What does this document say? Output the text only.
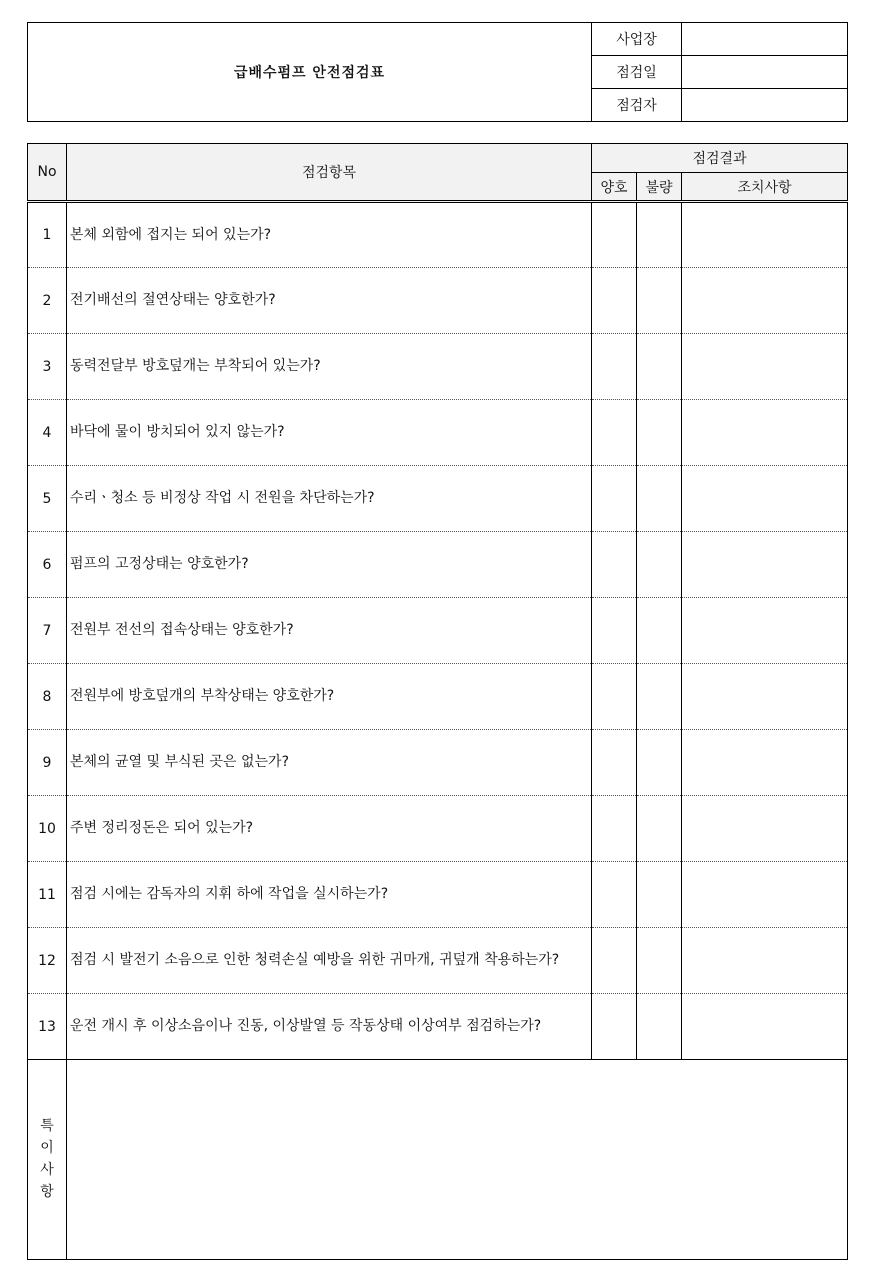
급배수펌프 안전점검표	사업장	
	점검일	
	점검자	
No	점검항목	점검결과		
		양호	불량	조치사항
1	본체 외함에 접지는 되어 있는가?			
2	전기배선의 절연상태는 양호한가?			
3	동력전달부 방호덮개는 부착되어 있는가?			
4	바닥에 물이 방치되어 있지 않는가?			
5	수리ㆍ청소 등 비정상 작업 시 전원을 차단하는가?			
6	펌프의 고정상태는 양호한가?			
7	전원부 전선의 접속상태는 양호한가?			
8	전원부에 방호덮개의 부착상태는 양호한가?			
9	본체의 균열 및 부식된 곳은 없는가?			
10	주변 정리정돈은 되어 있는가?			
11	점검 시에는 감독자의 지휘 하에 작업을 실시하는가?			
12	점검 시 발전기 소음으로 인한 청력손실 예방을 위한 귀마개, 귀덮개 착용하는가?			
13	운전 개시 후 이상소음이나 진동, 이상발열 등 작동상태 이상여부 점검하는가?			
특
이
사
항
